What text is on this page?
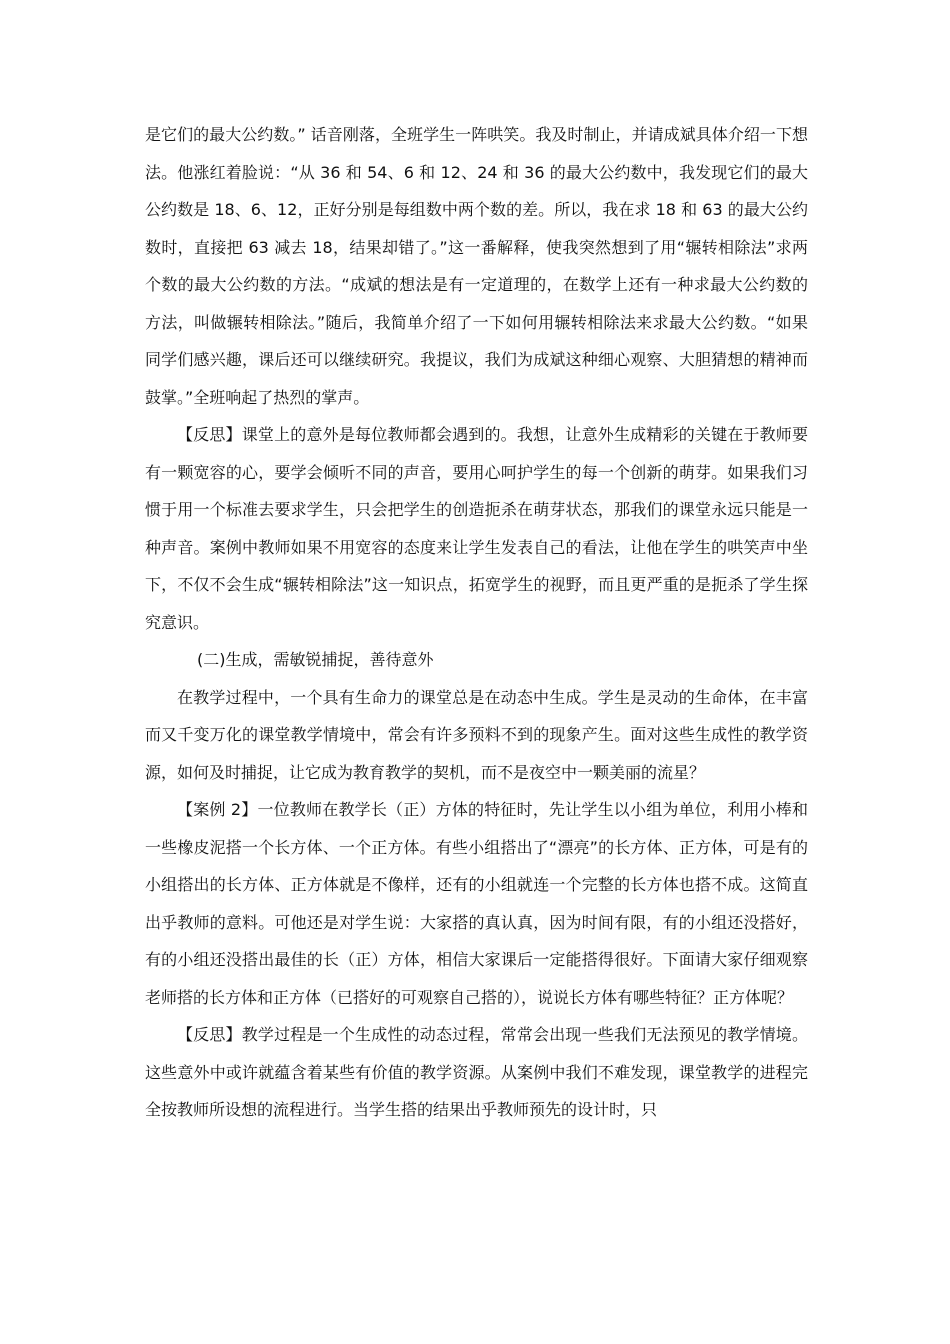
是它们的最大公约数。” 话音刚落，全班学生一阵哄笑。我及时制止，并请成斌具体介绍一下想法。他涨红着脸说：“从 36 和 54、6 和 12、24 和 36 的最大公约数中，我发现它们的最大公约数是 18、6、12，正好分别是每组数中两个数的差。所以，我在求 18 和 63 的最大公约数时，直接把 63 减去 18，结果却错了。”这一番解释，使我突然想到了用“辗转相除法”求两个数的最大公约数的方法。“成斌的想法是有一定道理的，在数学上还有一种求最大公约数的方法，叫做辗转相除法。”随后，我简单介绍了一下如何用辗转相除法来求最大公约数。“如果同学们感兴趣，课后还可以继续研究。我提议，我们为成斌这种细心观察、大胆猜想的精神而鼓掌。”全班响起了热烈的掌声。

【反思】课堂上的意外是每位教师都会遇到的。我想，让意外生成精彩的关键在于教师要有一颗宽容的心，要学会倾听不同的声音，要用心呵护学生的每一个创新的萌芽。如果我们习惯于用一个标准去要求学生，只会把学生的创造扼杀在萌芽状态，那我们的课堂永远只能是一种声音。案例中教师如果不用宽容的态度来让学生发表自己的看法，让他在学生的哄笑声中坐下，不仅不会生成“辗转相除法”这一知识点，拓宽学生的视野，而且更严重的是扼杀了学生探究意识。

(二)生成，需敏锐捕捉，善待意外

在教学过程中，一个具有生命力的课堂总是在动态中生成。学生是灵动的生命体，在丰富而又千变万化的课堂教学情境中，常会有许多预料不到的现象产生。面对这些生成性的教学资源，如何及时捕捉，让它成为教育教学的契机，而不是夜空中一颗美丽的流星？

【案例 2】一位教师在教学长（正）方体的特征时，先让学生以小组为单位，利用小棒和一些橡皮泥搭一个长方体、一个正方体。有些小组搭出了“漂亮”的长方体、正方体，可是有的小组搭出的长方体、正方体就是不像样，还有的小组就连一个完整的长方体也搭不成。这简直出乎教师的意料。可他还是对学生说：大家搭的真认真，因为时间有限，有的小组还没搭好，有的小组还没搭出最佳的长（正）方体，相信大家课后一定能搭得很好。下面请大家仔细观察老师搭的长方体和正方体（已搭好的可观察自己搭的），说说长方体有哪些特征？正方体呢？

【反思】教学过程是一个生成性的动态过程，常常会出现一些我们无法预见的教学情境。这些意外中或许就蕴含着某些有价值的教学资源。从案例中我们不难发现，课堂教学的进程完全按教师所设想的流程进行。当学生搭的结果出乎教师预先的设计时，只
